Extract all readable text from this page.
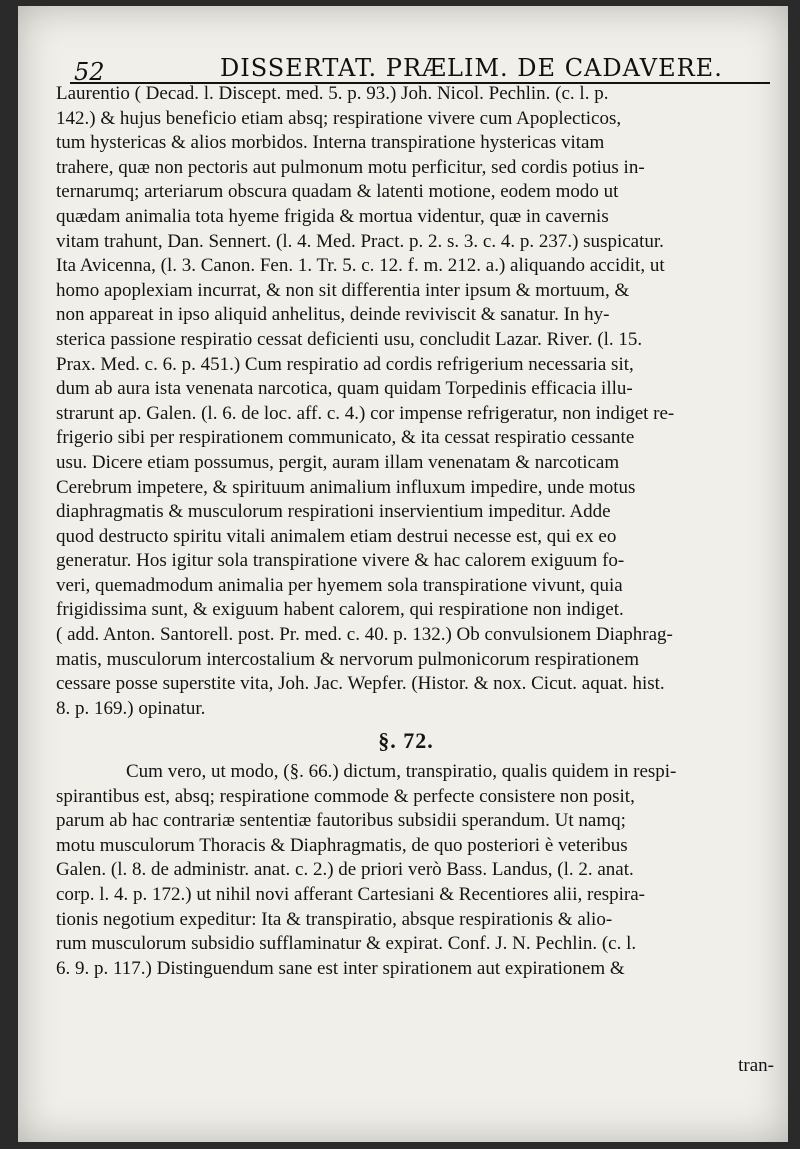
52	DISSERTAT. PRÆLIM. DE CADAVERE.
Laurentio ( Decad. l. Discept. med. 5. p. 93.) Joh. Nicol. Pechlin. (c. l. p.
142.) & hujus beneficio etiam absq; respiratione vivere cum Apoplecticos,
tum hystericas & alios morbidos. Interna transpiratione hystericas vitam
trahere, quæ non pectoris aut pulmonum motu perficitur, sed cordis potius in-
ternarumq; arteriarum obscura quadam & latenti motione, eodem modo ut
quædam animalia tota hyeme frigida & mortua videntur, quæ in cavernis
vitam trahunt, Dan. Sennert. (l. 4. Med. Pract. p. 2. s. 3. c. 4. p. 237.) suspicatur.
Ita Avicenna, (l. 3. Canon. Fen. 1. Tr. 5. c. 12. f. m. 212. a.) aliquando accidit, ut
homo apoplexiam incurrat, & non sit differentia inter ipsum & mortuum, &
non appareat in ipso aliquid anhelitus, deinde reviviscit & sanatur. In hy-
sterica passione respiratio cessat deficienti usu, concludit Lazar. River. (l. 15.
Prax. Med. c. 6. p. 451.) Cum respiratio ad cordis refrigerium necessaria sit,
dum ab aura ista venenata narcotica, quam quidam Torpedinis efficacia illu-
strarunt ap. Galen. (l. 6. de loc. aff. c. 4.) cor impense refrigeratur, non indiget re-
frigerio sibi per respirationem communicato, & ita cessat respiratio cessante
usu. Dicere etiam possumus, pergit, auram illam venenatam & narcoticam
Cerebrum impetere, & spirituum animalium influxum impedire, unde motus
diaphragmatis & musculorum respirationi inservientium impeditur. Adde
quod destructo spiritu vitali animalem etiam destrui necesse est, qui ex eo
generatur. Hos igitur sola transpiratione vivere & hac calorem exiguum fo-
veri, quemadmodum animalia per hyemem sola transpiratione vivunt, quia
frigidissima sunt, & exiguum habent calorem, qui respiratione non indiget.
( add. Anton. Santorell. post. Pr. med. c. 40. p. 132.) Ob convulsionem Diaphrag-
matis, musculorum intercostalium & nervorum pulmonicorum respirationem
cessare posse superstite vita, Joh. Jac. Wepfer. (Histor. & nox. Cicut. aquat. hist.
8. p. 169.) opinatur.
§. 72.
Cum vero, ut modo, (§. 66.) dictum, transpiratio, qualis quidem in respi-
spirantibus est, absq; respiratione commode & perfecte consistere non posit,
parum ab hac contrariæ sententiæ fautoribus subsidii sperandum. Ut namq;
motu musculorum Thoracis & Diaphragmatis, de quo posteriori è veteribus
Galen. (l. 8. de administr. anat. c. 2.) de priori verò Bass. Landus, (l. 2. anat.
corp. l. 4. p. 172.) ut nihil novi afferant Cartesiani & Recentiores alii, respira-
tionis negotium expeditur: Ita & transpiratio, absque respirationis & alio-
rum musculorum subsidio sufflaminatur & expirat. Conf. J. N. Pechlin. (c. l.
6. 9. p. 117.) Distinguendum sane est inter spirationem aut expirationem &
tran-
